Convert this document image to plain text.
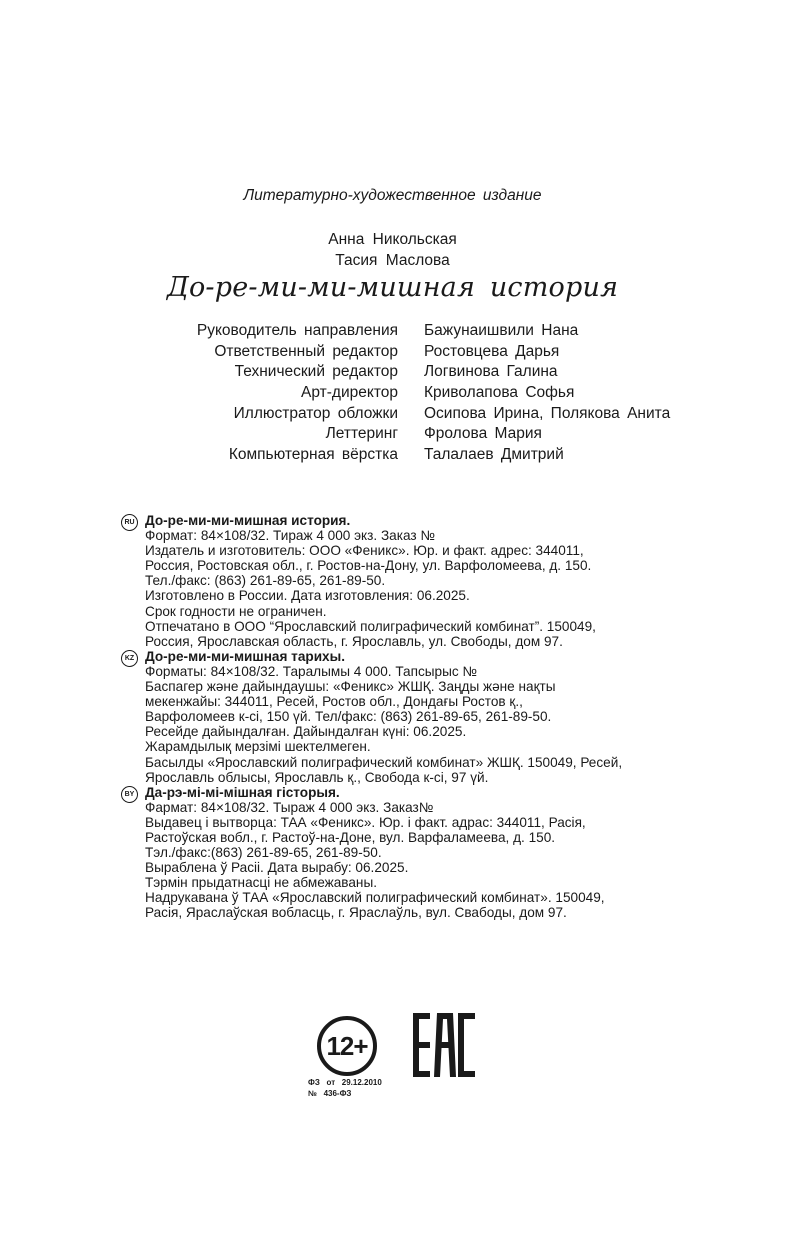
Литературно-художественное издание
Анна Никольская
Тасия Маслова
До-ре-ми-ми-мишная история
Руководитель направления Бажунаишвили Нана
Ответственный редактор Ростовцева Дарья
Технический редактор Логвинова Галина
Арт-директор Криволапова Софья
Иллюстратор обложки Осипова Ирина, Полякова Анита
Леттеринг Фролова Мария
Компьютерная вёрстка Талалаев Дмитрий
RU До-ре-ми-ми-мишная история.
Формат: 84×108/32. Тираж 4 000 экз. Заказ №
Издатель и изготовитель: ООО «Феникс». Юр. и факт. адрес: 344011,
Россия, Ростовская обл., г. Ростов-на-Дону, ул. Варфоломеева, д. 150.
Тел./факс: (863) 261-89-65, 261-89-50.
Изготовлено в России. Дата изготовления: 06.2025.
Срок годности не ограничен.
Отпечатано в ООО “Ярославский полиграфический комбинат”. 150049,
Россия, Ярославская область, г. Ярославль, ул. Свободы, дом 97.
KZ До-ре-ми-ми-мишная тарихы.
Форматы: 84×108/32. Таралымы 4 000. Тапсырыс №
Баспагер және дайындаушы: «Феникс» ЖШҚ. Заңды және нақты
мекенжайы: 344011, Ресей, Ростов обл., Дондағы Ростов қ.,
Варфоломеев к-сi, 150 үй. Тел/факс: (863) 261-89-65, 261-89-50.
Ресейде дайындалған. Дайындалған күнi: 06.2025.
Жарамдылық мерзiмi шектелмеген.
Басылды «Ярославский полиграфический комбинат» ЖШҚ. 150049, Ресей,
Ярославль облысы, Ярославль қ., Свобода к-сi, 97 үй.
BY Да-рэ-мі-мі-мішная гісторыя.
Фармат: 84×108/32. Тыраж 4 000 экз. Заказ№
Выдавец і вытворца: ТАА «Феникс». Юр. і факт. адрас: 344011, Расія,
Растоўская вобл., г. Растоў-на-Доне, вул. Варфаламеева, д. 150.
Тэл./факс:(863) 261-89-65, 261-89-50.
Выраблена ў Расіі. Дата вырабу: 06.2025.
Тэрмін прыдатнасці не абмежаваны.
Надрукавана ў ТАА «Ярославский полиграфический комбинат». 150049,
Расія, Яраслаўская вобласць, г. Яраслаўль, вул. Свабоды, дом 97.
12+
ФЗ   от   29.12.2010
№   436-ФЗ
